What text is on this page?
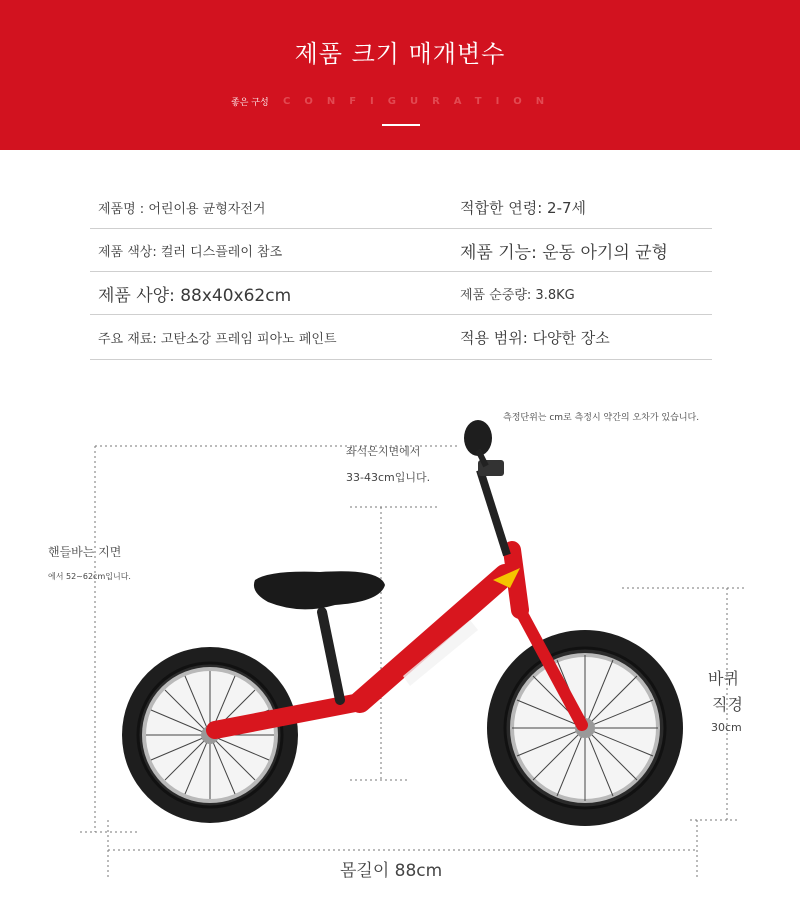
제품 크기 매개변수
좋은 구성 CONFIGURATION
제품명 : 어린이용 균형자전거	적합한 연령: 2-7세
제품 색상: 컬러 디스플레이 참조	제품 기능: 운동 아기의 균형
제품 사양: 88x40x62cm	제품 순중량: 3.8KG
주요 재료: 고탄소강 프레임 피아노 페인트	적용 범위: 다양한 장소
측정단위는 cm로 측정시 약간의 오차가 있습니다.
좌석은지면에서
33-43cm입니다.
핸들바는 지면
에서 52~62cm입니다.
바퀴
직경
30cm
몸길이 88cm
